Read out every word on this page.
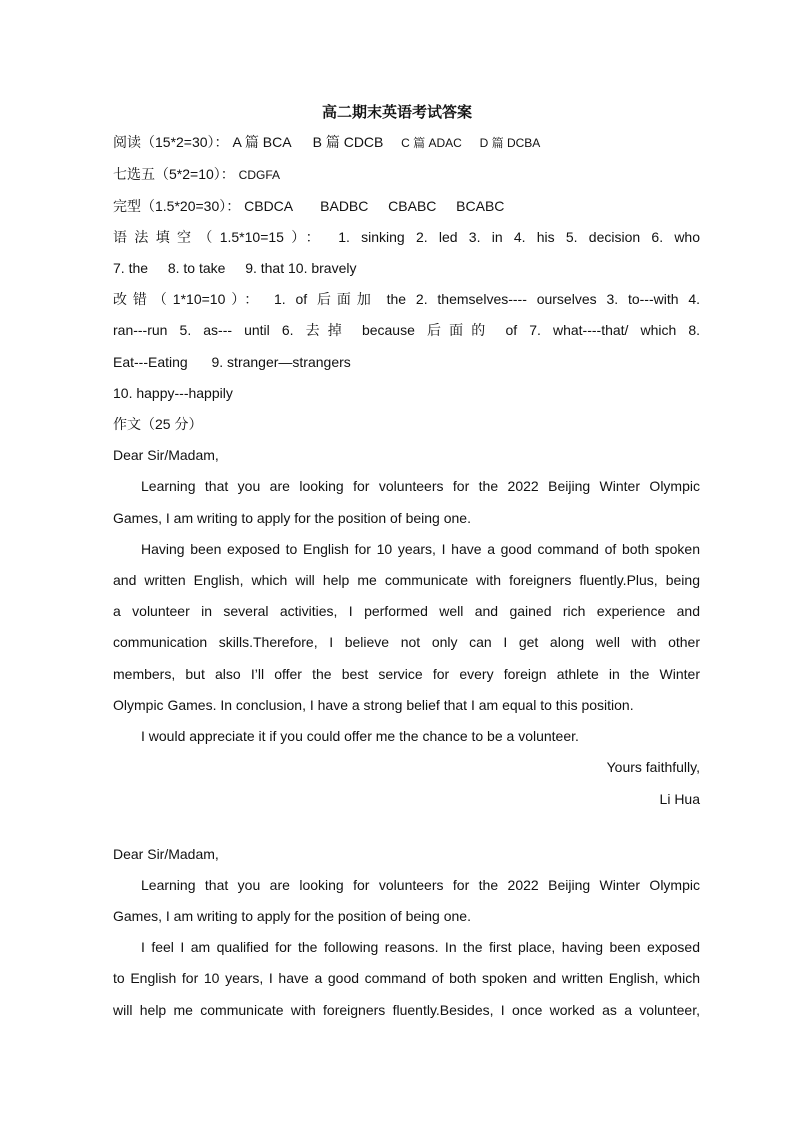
高二期末英语考试答案
阅读（15*2=30）： A 篇 BCA B 篇 CDCB C 篇 ADAC D 篇 DCBA
七选五（5*2=10）： CDGFA
完型（1.5*20=30）： CBDCA BADBC CBABC BCABC
语法填空（1.5*10=15）： 1. sinking 2. led 3. in 4. his 5. decision 6. who
7. the 8. to take 9. that 10. bravely
改错（1*10=10）： 1. of 后面加 the 2. themselves---- ourselves 3. to---with 4.
ran---run 5. as--- until 6. 去掉 because 后面的 of 7. what----that/ which 8.
Eat---Eating 9. stranger—strangers
10. happy---happily
作文（25 分）
Dear Sir/Madam,
Learning that you are looking for volunteers for the 2022 Beijing Winter Olympic
Games, I am writing to apply for the position of being one.
Having been exposed to English for 10 years, I have a good command of both spoken
and written English, which will help me communicate with foreigners fluently.Plus, being
a volunteer in several activities, I performed well and gained rich experience and
communication skills.Therefore, I believe not only can I get along well with other
members, but also I’ll offer the best service for every foreign athlete in the Winter
Olympic Games. In conclusion, I have a strong belief that I am equal to this position.
I would appreciate it if you could offer me the chance to be a volunteer.
Yours faithfully,
Li Hua
Dear Sir/Madam,
Learning that you are looking for volunteers for the 2022 Beijing Winter Olympic
Games, I am writing to apply for the position of being one.
I feel I am qualified for the following reasons. In the first place, having been exposed
to English for 10 years, I have a good command of both spoken and written English, which
will help me communicate with foreigners fluently.Besides, I once worked as a volunteer,
